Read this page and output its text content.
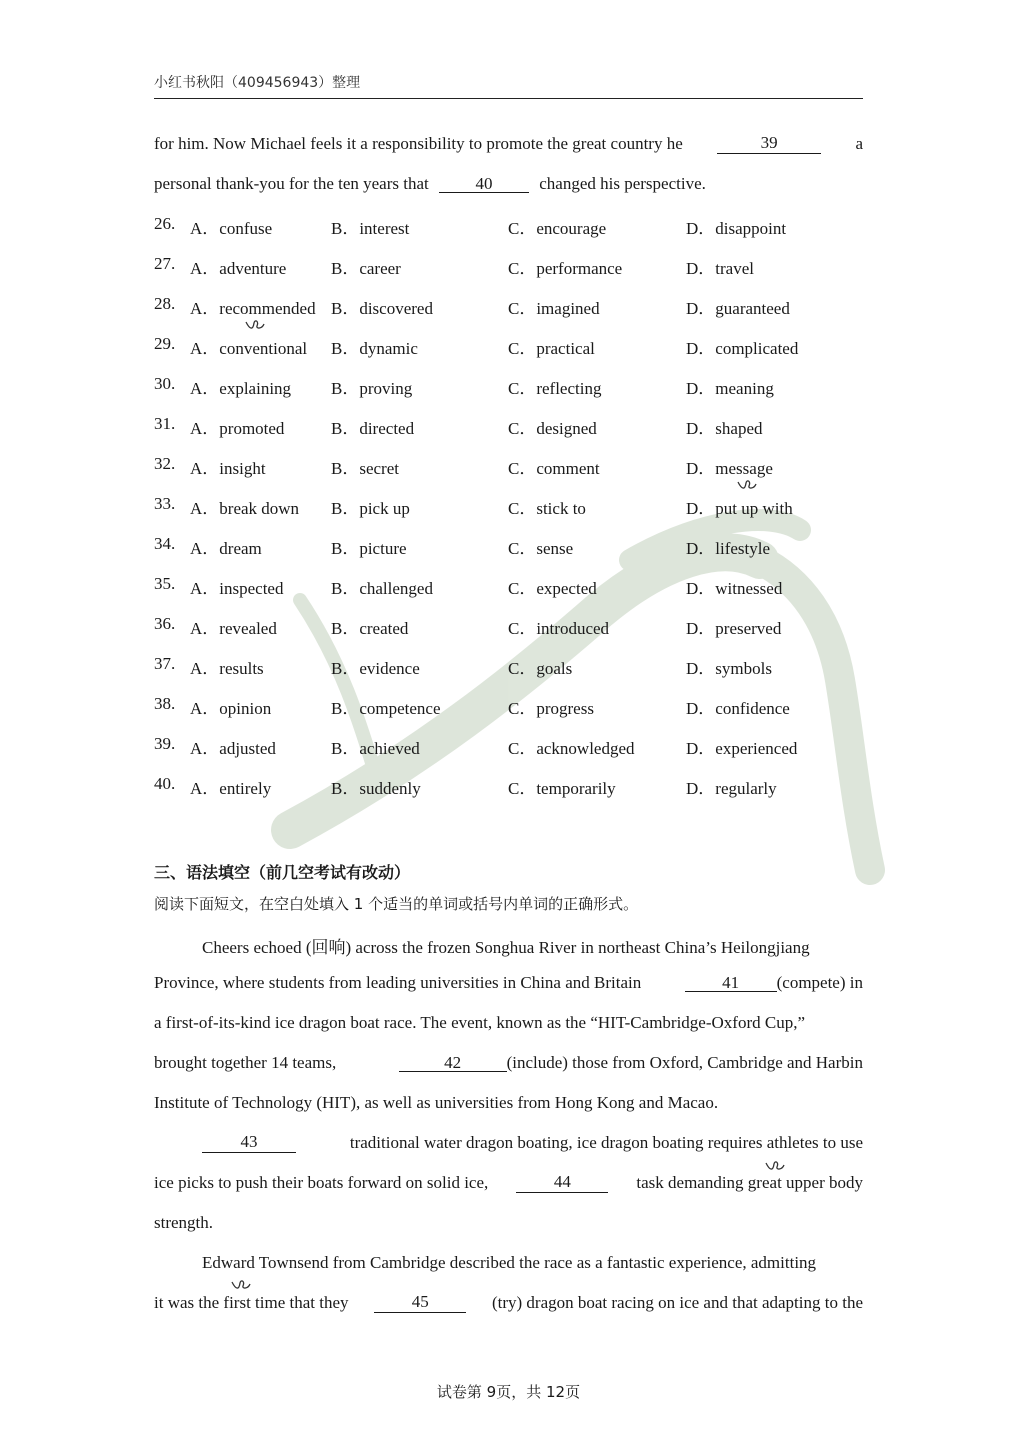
小红书秋阳（409456943）整理
for him. Now Michael feels it a responsibility to promote the great country he	39	a
personal thank-you for the ten years that	40	changed his perspective.
26. A．confuse	B．interest	C．encourage	D．disappoint
27. A．adventure	B．career	C．performance	D．travel
28. A．recommended B．discovered	C．imagined	D．guaranteed
29. A．conventional B．dynamic	C．practical	D．complicated
30. A．explaining B．proving	C．reflecting	D．meaning
31. A．promoted	B．directed	C．designed	D．shaped
32. A．insight	B．secret	C．comment	D．message
33. A．break down B．pick up	C．stick to	D．put up with
34. A．dream	B．picture	C．sense	D．lifestyle
35. A．inspected	B．challenged	C．expected	D．witnessed
36. A．revealed	B．created	C．introduced	D．preserved
37. A．results	B．evidence	C．goals	D．symbols
38. A．opinion	B．competence	C．progress	D．confidence
39. A．adjusted	B．achieved	C．acknowledged	D．experienced
40. A．entirely	B．suddenly	C．temporarily	D．regularly
三、语法填空（前几空考试有改动）
阅读下面短文，在空白处填入 1 个适当的单词或括号内单词的正确形式。
Cheers echoed (回响) across the frozen Songhua River in northeast China’s Heilongjiang
Province, where students from leading universities in China and Britain	41 (compete) in
a first-of-its-kind ice dragon boat race. The event, known as the “HIT-Cambridge-Oxford Cup,”
brought together 14 teams,	42	(include) those from Oxford, Cambridge and Harbin
Institute of Technology (HIT), as well as universities from Hong Kong and Macao.
43	traditional water dragon boating, ice dragon boating requires athletes to use
ice picks to push their boats forward on solid ice,	44	task demanding great upper body
strength.
Edward Townsend from Cambridge described the race as a fantastic experience, admitting
it was the first time that they	45	(try) dragon boat racing on ice and that adapting to the
试卷第 9页，共 12页
